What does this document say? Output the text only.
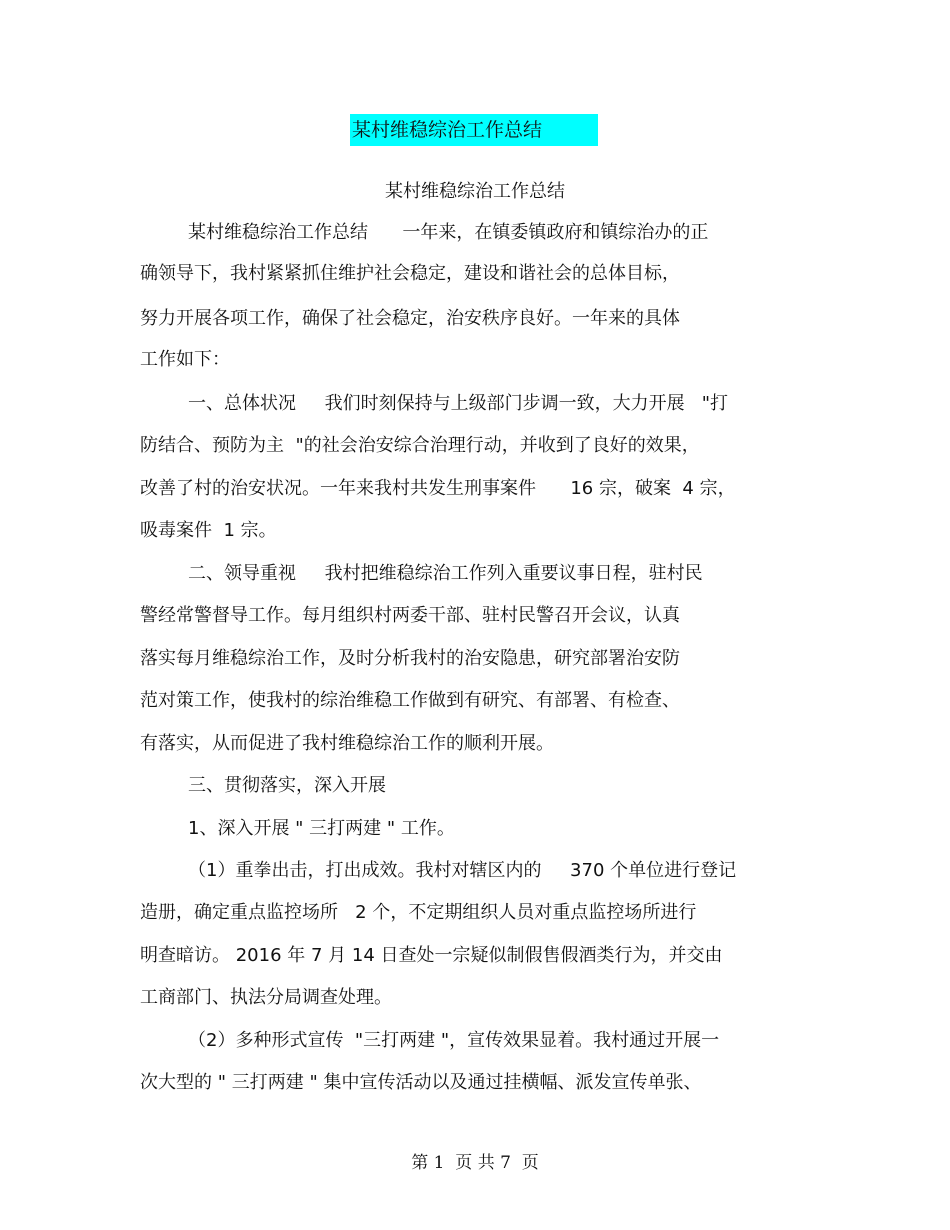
某村维稳综治工作总结
某村维稳综治工作总结
某村维稳综治工作总结      一年来，在镇委镇政府和镇综治办的正
确领导下，我村紧紧抓住维护社会稳定，建设和谐社会的总体目标，
努力开展各项工作，确保了社会稳定，治安秩序良好。一年来的具体
工作如下：
一、总体状况     我们时刻保持与上级部门步调一致，大力开展   "打
防结合、预防为主  "的社会治安综合治理行动，并收到了良好的效果，
改善了村的治安状况。一年来我村共发生刑事案件      16 宗，破案  4 宗，
吸毒案件  1 宗。
二、领导重视     我村把维稳综治工作列入重要议事日程，驻村民
警经常警督导工作。每月组织村两委干部、驻村民警召开会议，认真
落实每月维稳综治工作，及时分析我村的治安隐患，研究部署治安防
范对策工作，使我村的综治维稳工作做到有研究、有部署、有检查、
有落实，从而促进了我村维稳综治工作的顺利开展。
三、贯彻落实，深入开展
1、深入开展 " 三打两建 " 工作。
（1）重拳出击，打出成效。我村对辖区内的     370 个单位进行登记
造册，确定重点监控场所   2 个，不定期组织人员对重点监控场所进行
明查暗访。 2016 年 7 月 14 日查处一宗疑似制假售假酒类行为，并交由
工商部门、执法分局调查处理。
（2）多种形式宣传  "三打两建 "，宣传效果显着。我村通过开展一
次大型的 " 三打两建 " 集中宣传活动以及通过挂横幅、派发宣传单张、
第 1  页 共 7  页
